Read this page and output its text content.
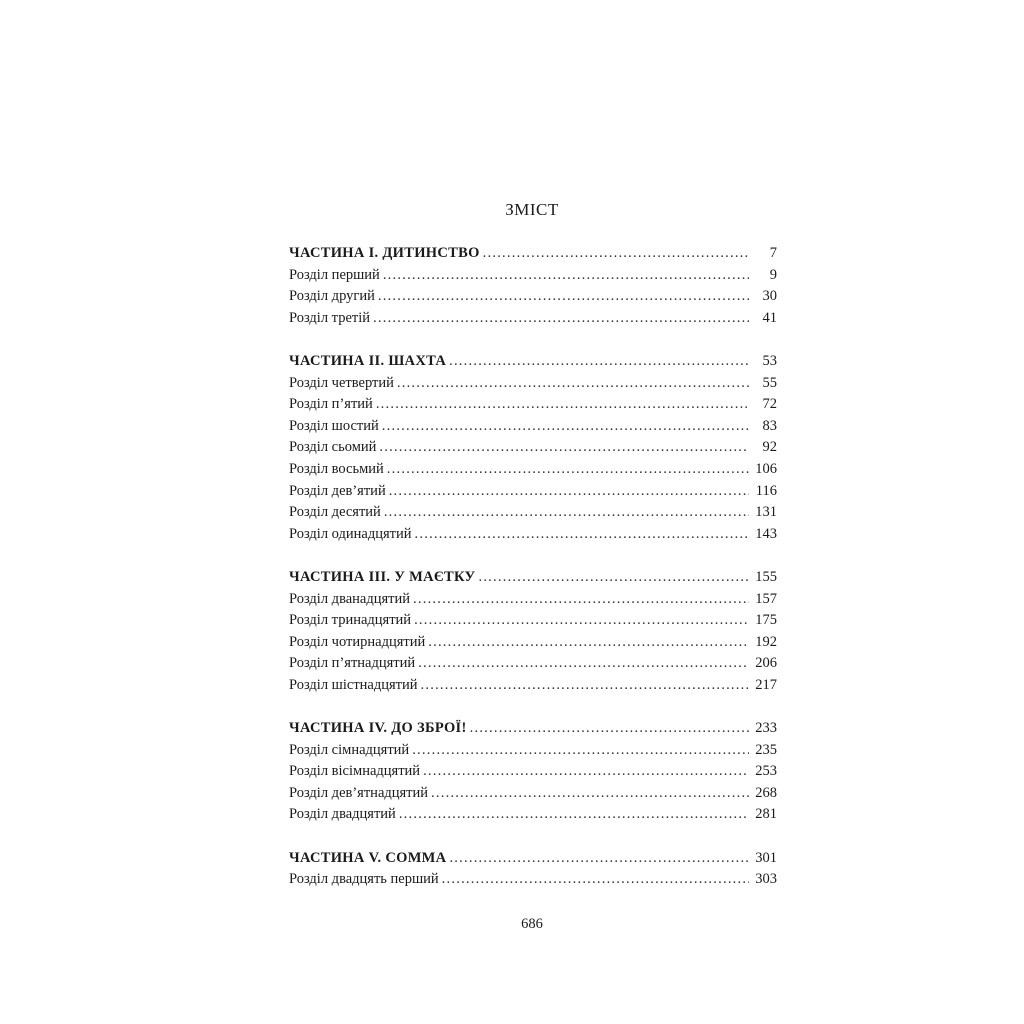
ЗМІСТ
ЧАСТИНА I. ДИТИНСТВО . . .	7
Розділ перший . . .	9
Розділ другий . . .	30
Розділ третій . . .	41
ЧАСТИНА II. ШАХТА . . .	53
Розділ четвертий . . .	55
Розділ п’ятий . . .	72
Розділ шостий . . .	83
Розділ сьомий . . .	92
Розділ восьмий . . .	106
Розділ дев’ятий . . .	116
Розділ десятий . . .	131
Розділ одинадцятий . . .	143
ЧАСТИНА III. У МАЄТКУ . . .	155
Розділ дванадцятий . . .	157
Розділ тринадцятий . . .	175
Розділ чотирнадцятий . . .	192
Розділ п’ятнадцятий . . .	206
Розділ шістнадцятий . . .	217
ЧАСТИНА IV. ДО ЗБРОЇ! . . .	233
Розділ сімнадцятий . . .	235
Розділ вісімнадцятий . . .	253
Розділ дев’ятнадцятий . . .	268
Розділ двадцятий . . .	281
ЧАСТИНА V. COMMA . . .	301
Розділ двадцять перший . . .	303
686
